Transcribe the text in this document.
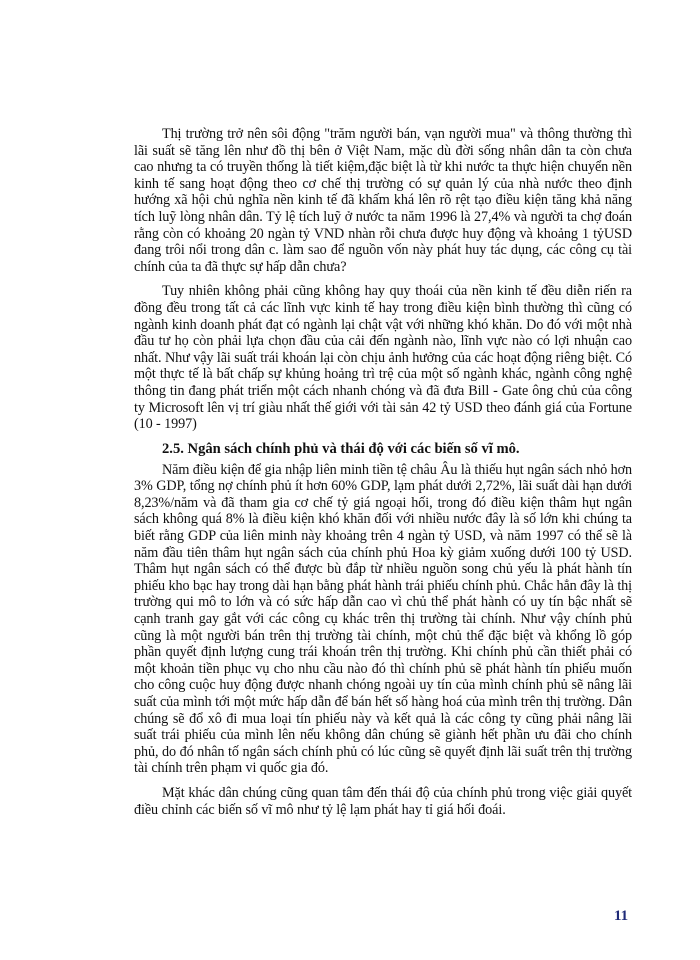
Thị trường trở nên sôi động "trăm người bán, vạn người mua" và thông thường thì lãi suất sẽ tăng lên như đồ thị bên ở Việt Nam, mặc dù đời sống nhân dân ta còn chưa cao nhưng ta có truyền thống là tiết kiệm,đặc biệt là từ khi nước ta thực hiện chuyển nền kinh tế sang hoạt động theo cơ chế thị trường có sự quản lý của nhà nước theo định hướng xã hội chủ nghĩa nền kinh tế đã khấm khá lên rõ rệt tạo điều kiện tăng khả năng tích luỹ lòng nhân dân. Tỷ lệ tích luỹ ở nước ta năm 1996 là 27,4% và người ta chợ đoán rằng còn có khoảng 20 ngàn tỷ VND nhàn rỗi chưa được huy động và khoảng 1 tỷUSD đang trôi nổi trong dân c. làm sao để nguồn vốn này phát huy tác dụng, các công cụ tài chính của ta đã thực sự hấp dẫn chưa?

Tuy nhiên không phải cũng không hay quy thoái của nền kinh tế đều diễn riến ra đồng đều trong tất cả các lĩnh vực kinh tế hay trong điều kiện bình thường thì cũng có ngành kinh doanh phát đạt có ngành lại chật vật với những khó khăn. Do đó với một nhà đầu tư họ còn phải lựa chọn đầu của cải đến ngành nào, lĩnh vực nào có lợi nhuận cao nhất. Như vậy lãi suất trái khoán lại còn chịu ảnh hưởng của các hoạt động riêng biệt. Có một thực tế là bất chấp sự khủng hoảng trì trệ của một số ngành khác, ngành công nghệ thông tin đang phát triển một cách nhanh chóng và đã đưa Bill - Gate ông chủ của công ty Microsoft lên vị trí giàu nhất thế giới với tài sản 42 tỷ USD theo đánh giá của Fortune (10 - 1997)

2.5. Ngân sách chính phủ và thái độ với các biến số vĩ mô.

Năm điều kiện để gia nhập liên minh tiền tệ châu Âu là thiếu hụt ngân sách nhỏ hơn 3% GDP, tổng nợ chính phủ ít hơn 60% GDP, lạm phát dưới 2,72%, lãi suất dài hạn dưới 8,23%/năm và đã tham gia cơ chế tỷ giá ngoại hối, trong đó điều kiện thâm hụt ngân sách không quá 8% là điều kiện khó khăn đối với nhiều nước đây là số lớn khi chúng ta biết rằng GDP của liên minh này khoảng trên 4 ngàn tỷ USD, và năm 1997 có thể sẽ là năm đầu tiên thâm hụt ngân sách của chính phủ Hoa kỳ giảm xuống dưới 100 tỷ USD. Thâm hụt ngân sách có thể được bù đắp từ nhiều nguồn song chủ yếu là phát hành tín phiếu kho bạc hay trong dài hạn bằng phát hành trái phiếu chính phủ. Chắc hẳn đây là thị trường qui mô to lớn và có sức hấp dẫn cao vì chủ thể phát hành có uy tín bậc nhất sẽ cạnh tranh gay gắt với các công cụ khác trên thị trường tài chính. Như vậy chính phủ cũng là một người bán trên thị trường tài chính, một chủ thể đặc biệt và khổng lồ góp phần quyết định lượng cung trái khoán trên thị trường. Khi chính phủ cần thiết phải có một khoản tiền phục vụ cho nhu cầu nào đó thì chính phủ sẽ phát hành tín phiếu muốn cho công cuộc huy động được nhanh chóng ngoài uy tín của mình chính phủ sẽ nâng lãi suất của mình tới một mức hấp dẫn để bán hết số hàng hoá của mình trên thị trường. Dân chúng sẽ đổ xô đi mua loại tín phiếu này và kết quả là các công ty cũng phải nâng lãi suất trái phiếu của mình lên nếu không dân chúng sẽ giành hết phần ưu đãi cho chính phủ, do đó nhân tố ngân sách chính phủ có lúc cũng sẽ quyết định lãi suất trên thị trường tài chính trên phạm vi quốc gia đó.

Mặt khác dân chúng cũng quan tâm đến thái độ của chính phủ trong việc giải quyết điều chỉnh các biến số vĩ mô như tỷ lệ lạm phát hay tỉ giá hối đoái.

11
